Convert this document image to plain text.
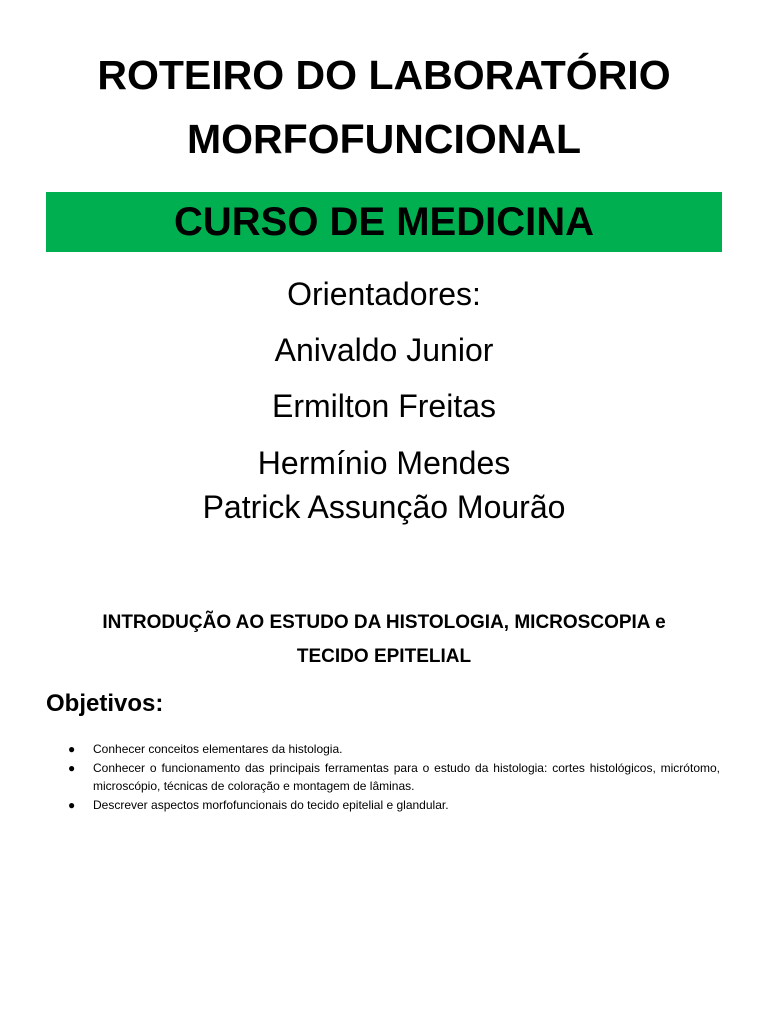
ROTEIRO DO LABORATÓRIO
MORFOFUNCIONAL
CURSO DE MEDICINA
Orientadores:
Anivaldo Junior
Ermilton Freitas
Hermínio Mendes
Patrick Assunção Mourão
INTRODUÇÃO AO ESTUDO DA HISTOLOGIA, MICROSCOPIA e
TECIDO EPITELIAL
Objetivos:
● Conhecer conceitos elementares da histologia.
● Conhecer o funcionamento das principais ferramentas para o estudo da histologia: cortes histológicos, micrótomo, microscópio, técnicas de coloração e montagem de lâminas.
● Descrever aspectos morfofuncionais do tecido epitelial e glandular.
